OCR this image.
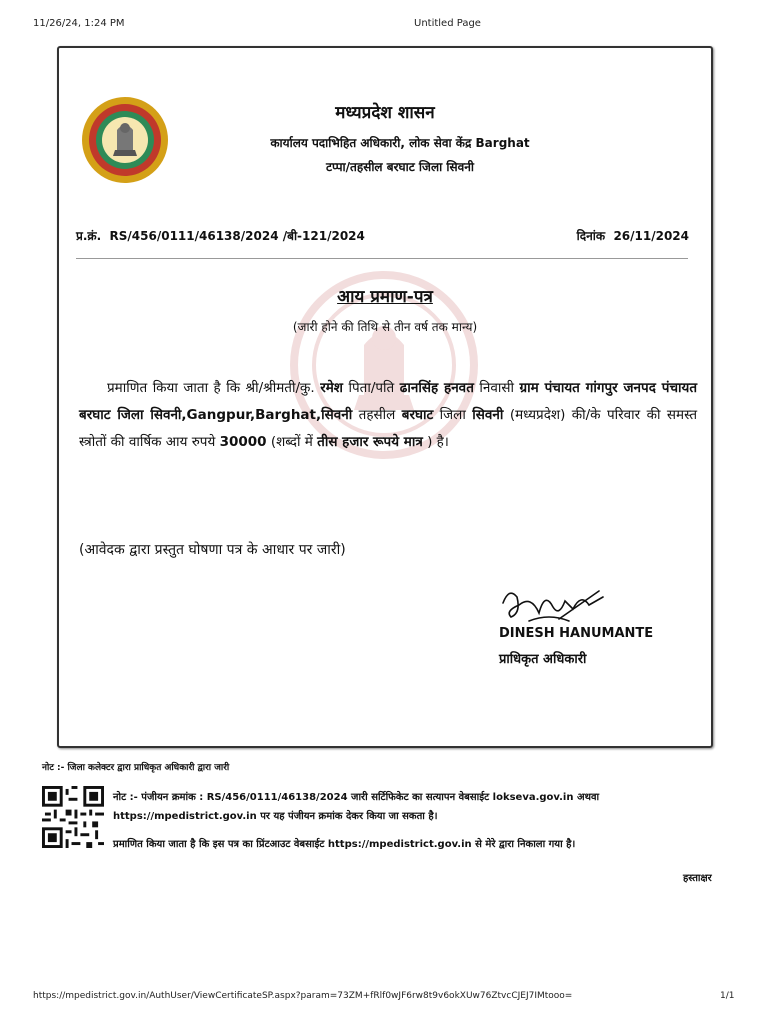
11/26/24, 1:24 PM	Untitled Page
मध्यप्रदेश शासन
कार्यालय पदाभिहित अधिकारी, लोक सेवा केंद्र Barghat
टप्पा/तहसील बरघाट जिला सिवनी
प्र.क्रं. RS/456/0111/46138/2024 /बी-121/2024	दिनांक 26/11/2024
आय प्रमाण-पत्र
(जारी होने की तिथि से तीन वर्ष तक मान्य)
प्रमाणित किया जाता है कि श्री/श्रीमती/कु. रमेश पिता/पति ढानसिंह हनवत निवासी ग्राम पंचायत गांगपुर जनपद पंचायत बरघाट जिला सिवनी,Gangpur,Barghat,सिवनी तहसील बरघाट जिला सिवनी (मध्यप्रदेश) की/के परिवार की समस्त स्त्रोतों की वार्षिक आय रुपये 30000 (शब्दों में तीस हजार रूपये मात्र ) है।
(आवेदक द्वारा प्रस्तुत घोषणा पत्र के आधार पर जारी)
DINESH HANUMANTE
प्राधिकृत अधिकारी
नोट :- जिला कलेक्टर द्वारा प्राधिकृत अधिकारी द्वारा जारी
नोट :- पंजीयन क्रमांक : RS/456/0111/46138/2024 जारी सर्टिफिकेट का सत्यापन वेबसाईट lokseva.gov.in अथवा https://mpedistrict.gov.in पर यह पंजीयन क्रमांक देकर किया जा सकता है।
प्रमाणित किया जाता है कि इस पत्र का प्रिंटआउट वेबसाईट https://mpedistrict.gov.in से मेरे द्वारा निकाला गया है।
हस्ताक्षर
https://mpedistrict.gov.in/AuthUser/ViewCertificateSP.aspx?param=73ZM+fRlf0wJF6rw8t9v6okXUw76ZtvcCJEJ7IMtooo=	1/1
